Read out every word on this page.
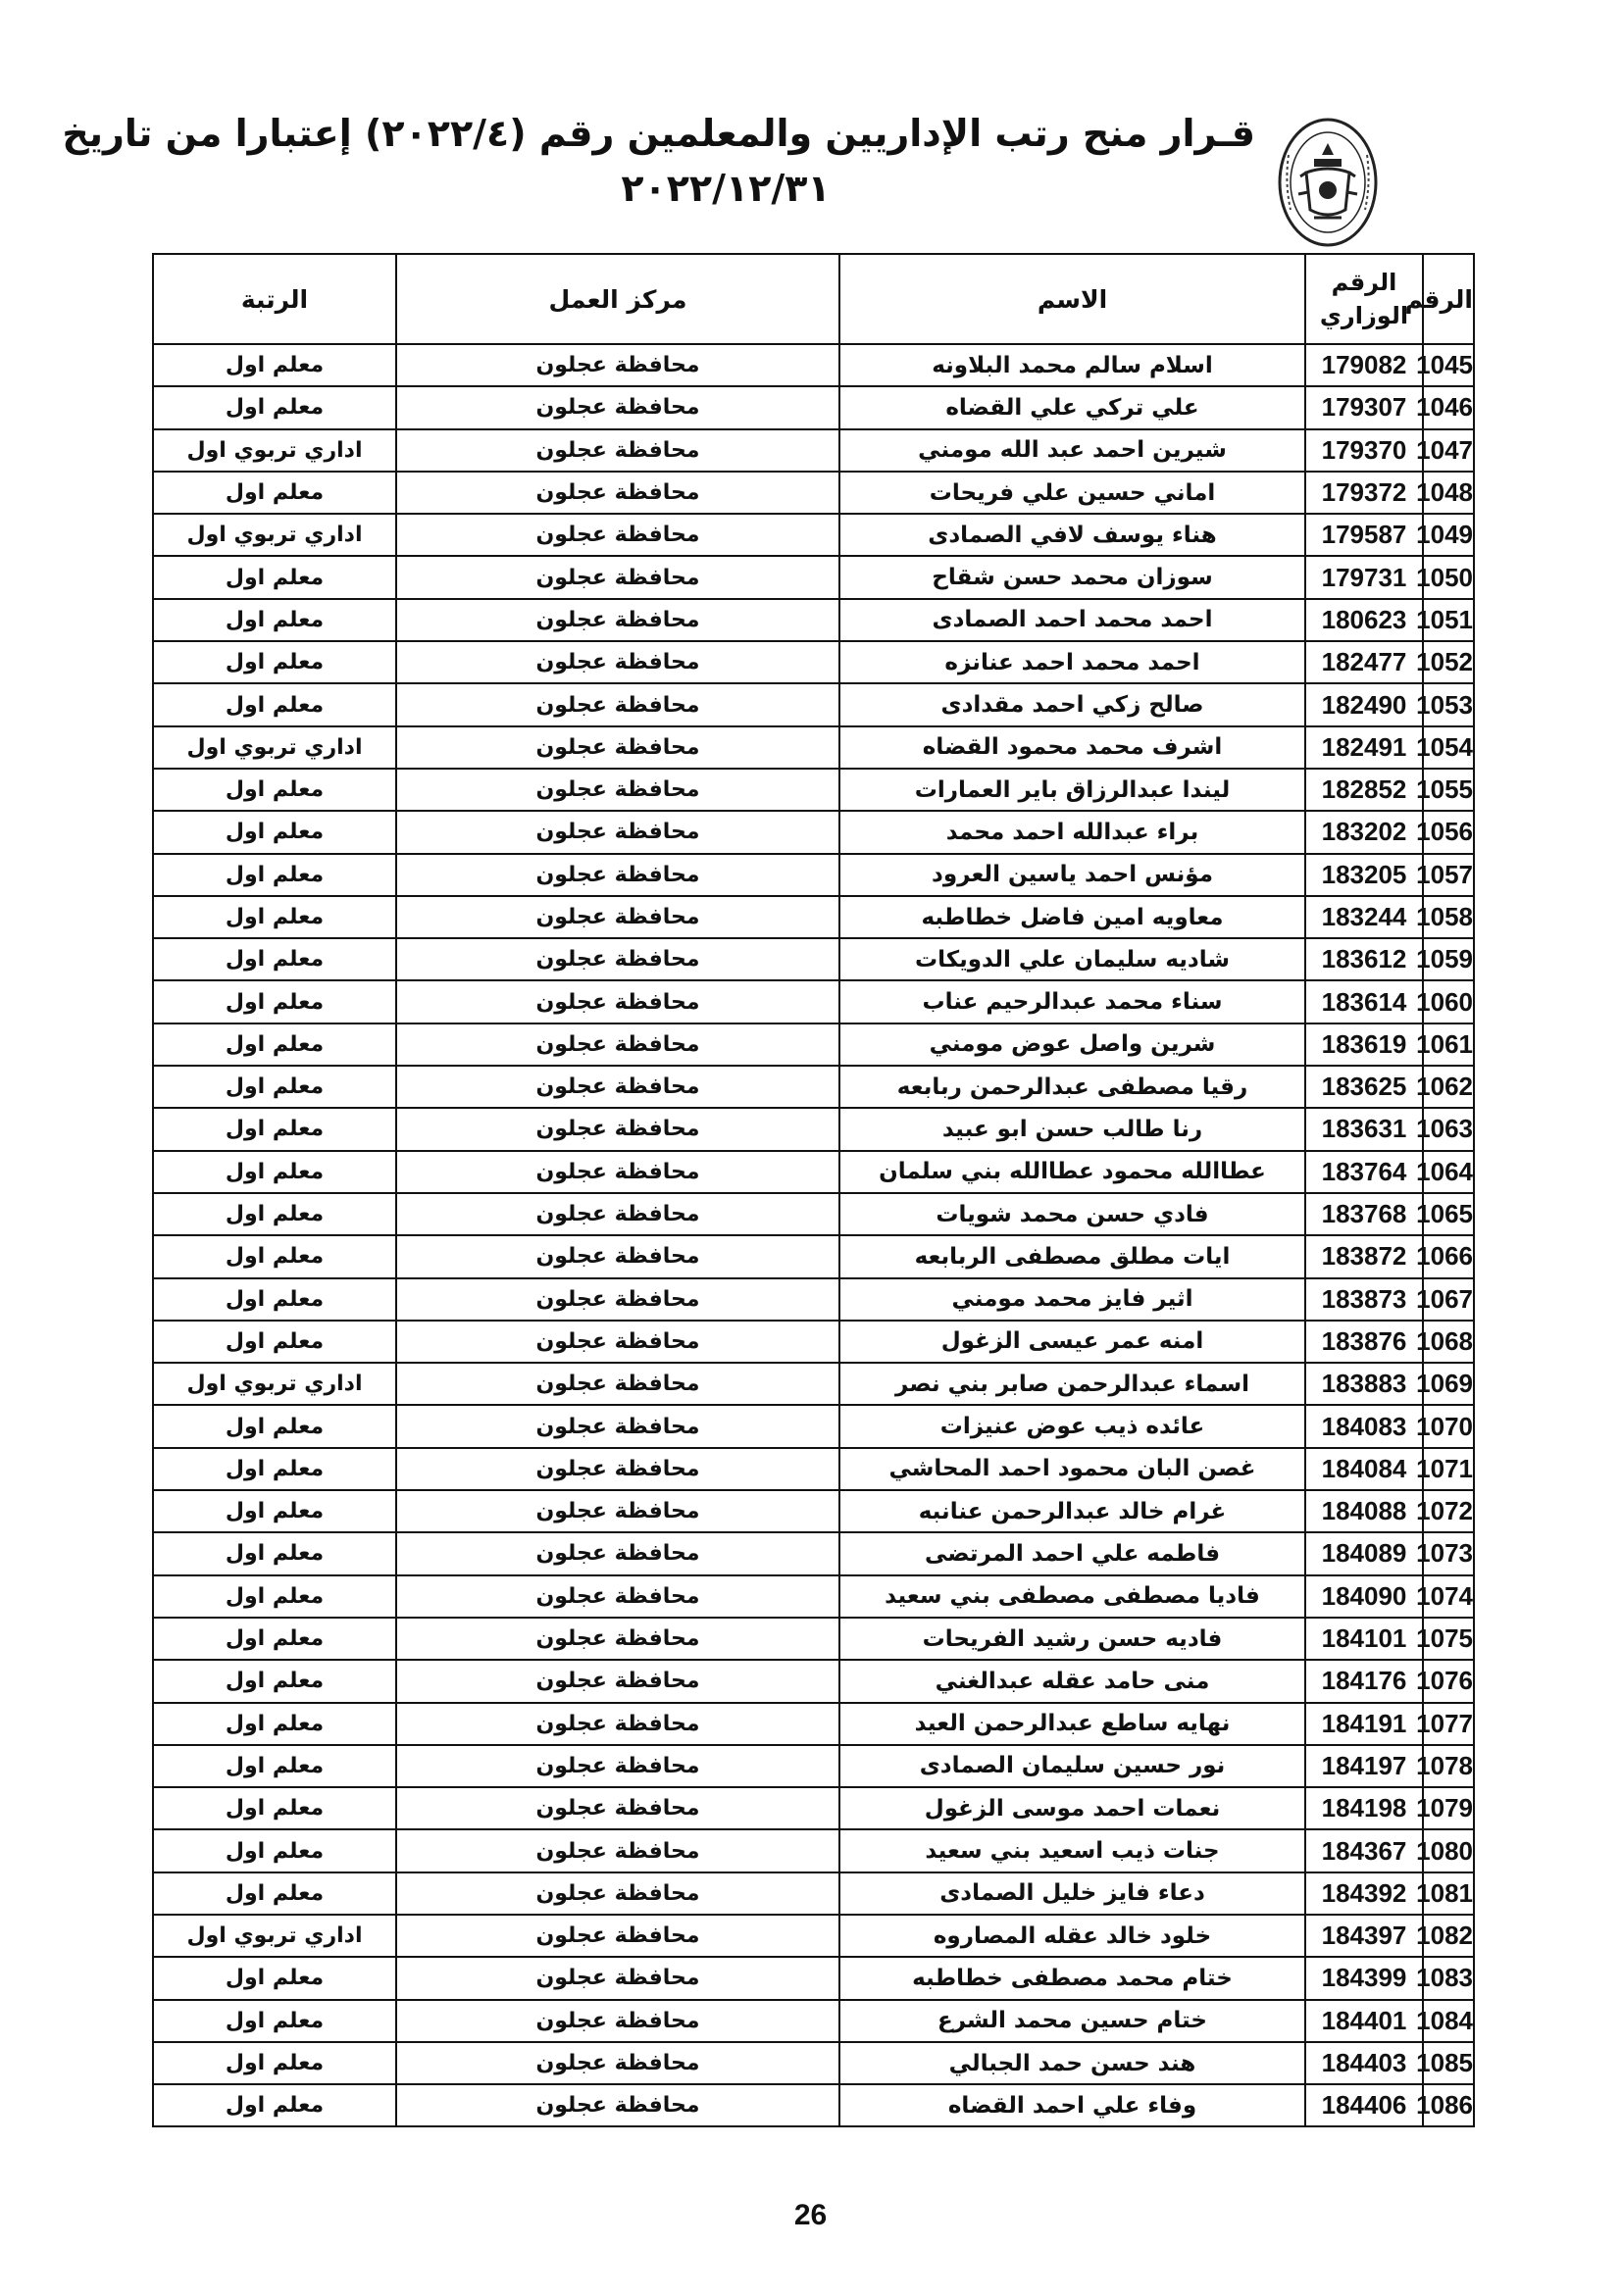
قـرار منح رتب الإداريين والمعلمين رقم (٢٠٢٢/٤) إعتبارا من تاريخ
٢٠٢٢/١٢/٣١
الرقم	الرقم الوزاري	الاسم	مركز العمل	الرتبة
1045	179082	اسلام سالم محمد البلاونه	محافظة عجلون	معلم اول
1046	179307	علي تركي علي القضاه	محافظة عجلون	معلم اول
1047	179370	شيرين احمد عبد الله مومني	محافظة عجلون	اداري تربوي اول
1048	179372	اماني حسين علي فريحات	محافظة عجلون	معلم اول
1049	179587	هناء يوسف لافي الصمادى	محافظة عجلون	اداري تربوي اول
1050	179731	سوزان محمد حسن شقاح	محافظة عجلون	معلم اول
1051	180623	احمد محمد احمد الصمادى	محافظة عجلون	معلم اول
1052	182477	احمد محمد احمد عنانزه	محافظة عجلون	معلم اول
1053	182490	صالح زكي احمد مقدادى	محافظة عجلون	معلم اول
1054	182491	اشرف محمد محمود القضاه	محافظة عجلون	اداري تربوي اول
1055	182852	ليندا عبدالرزاق باير العمارات	محافظة عجلون	معلم اول
1056	183202	براء عبدالله احمد محمد	محافظة عجلون	معلم اول
1057	183205	مؤنس احمد ياسين العرود	محافظة عجلون	معلم اول
1058	183244	معاويه امين فاضل خطاطبه	محافظة عجلون	معلم اول
1059	183612	شاديه سليمان علي الدويكات	محافظة عجلون	معلم اول
1060	183614	سناء محمد عبدالرحيم عناب	محافظة عجلون	معلم اول
1061	183619	شرين واصل عوض مومني	محافظة عجلون	معلم اول
1062	183625	رقيا مصطفى عبدالرحمن ربابعه	محافظة عجلون	معلم اول
1063	183631	رنا طالب حسن ابو عبيد	محافظة عجلون	معلم اول
1064	183764	عطاالله محمود عطاالله بني سلمان	محافظة عجلون	معلم اول
1065	183768	فادي حسن محمد شويات	محافظة عجلون	معلم اول
1066	183872	ايات مطلق مصطفى الربابعه	محافظة عجلون	معلم اول
1067	183873	اثير فايز محمد مومني	محافظة عجلون	معلم اول
1068	183876	امنه عمر عيسى الزغول	محافظة عجلون	معلم اول
1069	183883	اسماء عبدالرحمن صابر بني نصر	محافظة عجلون	اداري تربوي اول
1070	184083	عائده ذيب عوض عنيزات	محافظة عجلون	معلم اول
1071	184084	غصن البان محمود احمد المحاشي	محافظة عجلون	معلم اول
1072	184088	غرام خالد عبدالرحمن عنانبه	محافظة عجلون	معلم اول
1073	184089	فاطمه علي احمد المرتضى	محافظة عجلون	معلم اول
1074	184090	فاديا مصطفى مصطفى بني سعيد	محافظة عجلون	معلم اول
1075	184101	فاديه حسن رشيد الفريحات	محافظة عجلون	معلم اول
1076	184176	منى حامد عقله عبدالغني	محافظة عجلون	معلم اول
1077	184191	نهايه ساطع عبدالرحمن العيد	محافظة عجلون	معلم اول
1078	184197	نور حسين سليمان الصمادى	محافظة عجلون	معلم اول
1079	184198	نعمات احمد موسى الزغول	محافظة عجلون	معلم اول
1080	184367	جنات ذيب اسعيد بني سعيد	محافظة عجلون	معلم اول
1081	184392	دعاء فايز خليل الصمادى	محافظة عجلون	معلم اول
1082	184397	خلود خالد عقله المصاروه	محافظة عجلون	اداري تربوي اول
1083	184399	ختام محمد مصطفى خطاطبه	محافظة عجلون	معلم اول
1084	184401	ختام حسين محمد الشرع	محافظة عجلون	معلم اول
1085	184403	هند حسن حمد الجبالي	محافظة عجلون	معلم اول
1086	184406	وفاء علي احمد القضاه	محافظة عجلون	معلم اول
26
